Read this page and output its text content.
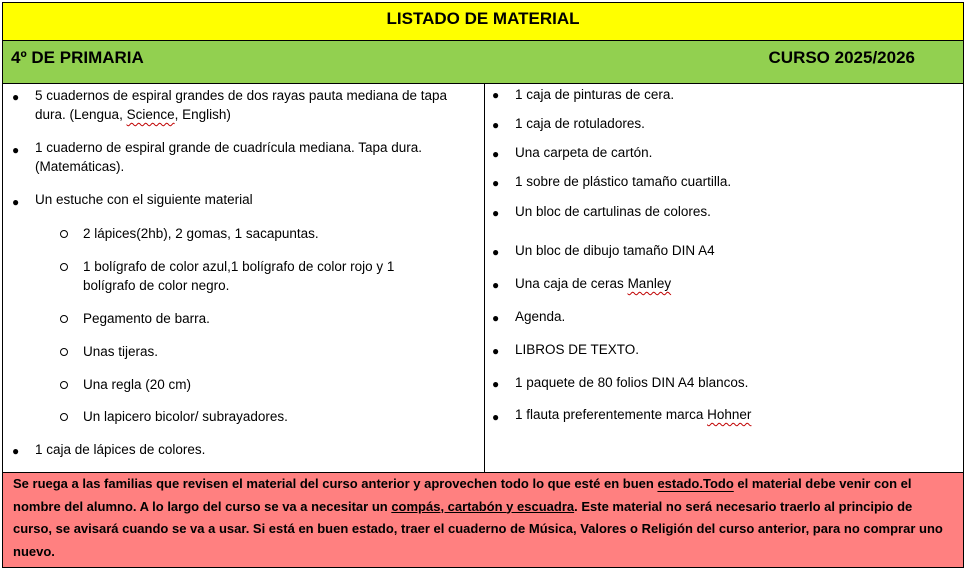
LISTADO DE MATERIAL
4º DE PRIMARIA	CURSO 2025/2026
● 5 cuadernos de espiral grandes de dos rayas pauta mediana de tapa
dura. (Lengua, Science, English)
● 1 cuaderno de espiral grande de cuadrícula mediana. Tapa dura.
(Matemáticas).
● Un estuche con el siguiente material
2 lápices(2hb), 2 gomas, 1 sacapuntas.
1 bolígrafo de color azul,1 bolígrafo de color rojo y 1
bolígrafo de color negro.
Pegamento de barra.
Unas tijeras.
Una regla (20 cm)
Un lapicero bicolor/ subrayadores.
● 1 caja de lápices de colores.
● 1 caja de pinturas de cera.
● 1 caja de rotuladores.
● Una carpeta de cartón.
● 1 sobre de plástico tamaño cuartilla.
● Un bloc de cartulinas de colores.
● Un bloc de dibujo tamaño DIN A4
● Una caja de ceras Manley
● Agenda.
● LIBROS DE TEXTO.
● 1 paquete de 80 folios DIN A4 blancos.
● 1 flauta preferentemente marca Hohner
Se ruega a las familias que revisen el material del curso anterior y aprovechen todo lo que esté en buen estado.Todo el material debe venir con el nombre del alumno. A lo largo del curso se va a necesitar un compás, cartabón y escuadra. Este material no será necesario traerlo al principio de curso, se avisará cuando se va a usar. Si está en buen estado, traer el cuaderno de Música, Valores o Religión del curso anterior, para no comprar uno nuevo.
